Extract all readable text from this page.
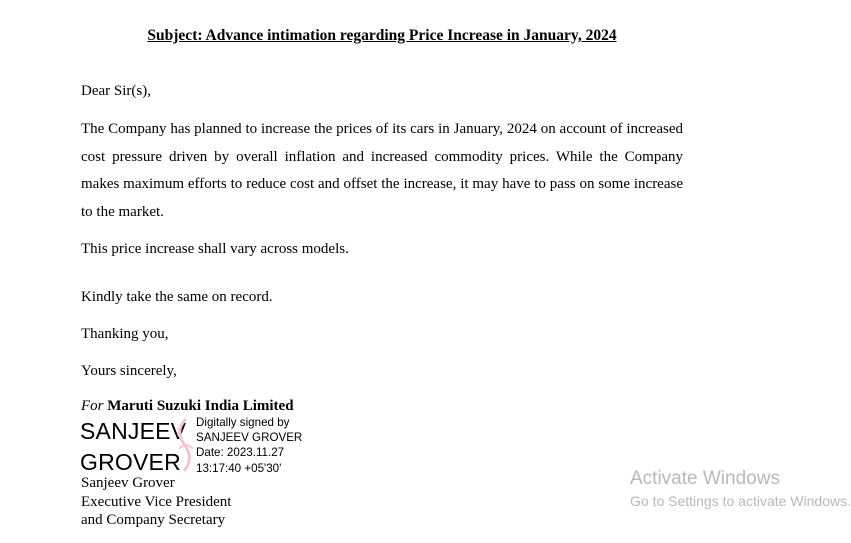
Subject: Advance intimation regarding Price Increase in January, 2024
Dear Sir(s),
The Company has planned to increase the prices of its cars in January, 2024 on account of increased cost pressure driven by overall inflation and increased commodity prices. While the Company makes maximum efforts to reduce cost and offset the increase, it may have to pass on some increase to the market.
This price increase shall vary across models.
Kindly take the same on record.
Thanking you,
Yours sincerely,
For Maruti Suzuki India Limited
SANJEEV
GROVER
Digitally signed by
SANJEEV GROVER
Date: 2023.11.27
13:17:40 +05'30'
Sanjeev Grover
Executive Vice President
and Company Secretary
Activate Windows
Go to Settings to activate Windows.
